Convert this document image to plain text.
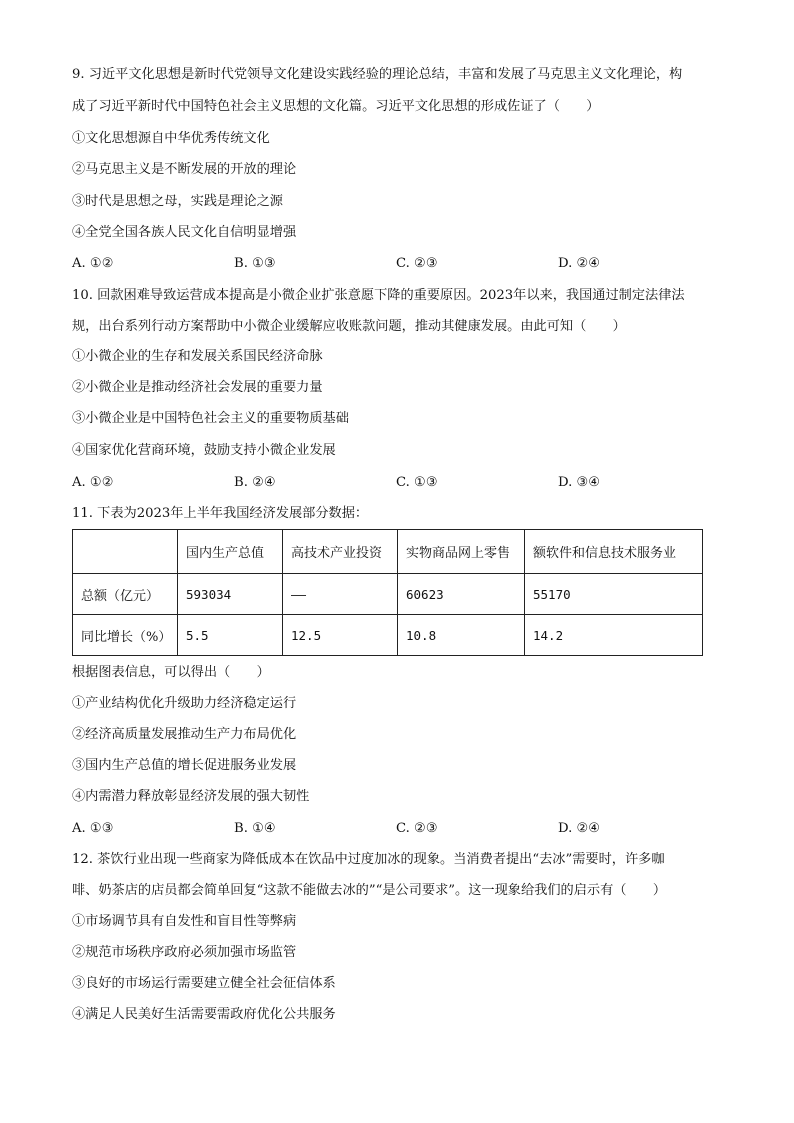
9. 习近平文化思想是新时代党领导文化建设实践经验的理论总结，丰富和发展了马克思主义文化理论，构
成了习近平新时代中国特色社会主义思想的文化篇。习近平文化思想的形成佐证了（　　）
①文化思想源自中华优秀传统文化
②马克思主义是不断发展的开放的理论
③时代是思想之母，实践是理论之源
④全党全国各族人民文化自信明显增强
A. ①②	B. ①③	C. ②③	D. ②④
10. 回款困难导致运营成本提高是小微企业扩张意愿下降的重要原因。2023年以来，我国通过制定法律法
规，出台系列行动方案帮助中小微企业缓解应收账款问题，推动其健康发展。由此可知（　　）
①小微企业的生存和发展关系国民经济命脉
②小微企业是推动经济社会发展的重要力量
③小微企业是中国特色社会主义的重要物质基础
④国家优化营商环境，鼓励支持小微企业发展
A. ①②	B. ②④	C. ①③	D. ③④
11. 下表为2023年上半年我国经济发展部分数据：
	国内生产总值	高技术产业投资	实物商品网上零售	额软件和信息技术服务业
总额（亿元）	593034	——	60623	55170
同比增长（%）	5.5	12.5	10.8	14.2
根据图表信息，可以得出（　　）
①产业结构优化升级助力经济稳定运行
②经济高质量发展推动生产力布局优化
③国内生产总值的增长促进服务业发展
④内需潜力释放彰显经济发展的强大韧性
A. ①③	B. ①④	C. ②③	D. ②④
12. 茶饮行业出现一些商家为降低成本在饮品中过度加冰的现象。当消费者提出“去冰”需要时，许多咖
啡、奶茶店的店员都会简单回复“这款不能做去冰的”“是公司要求”。这一现象给我们的启示有（　　）
①市场调节具有自发性和盲目性等弊病
②规范市场秩序政府必须加强市场监管
③良好的市场运行需要建立健全社会征信体系
④满足人民美好生活需要需政府优化公共服务
